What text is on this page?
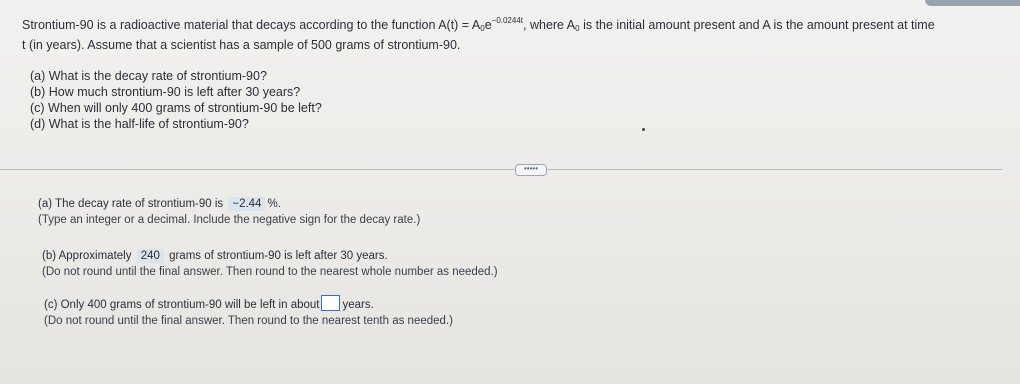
Strontium-90 is a radioactive material that decays according to the function $A(t) = A_0e^{-0.0244t}$, where $A_0$ is the initial amount present and A is the amount present at time
t (in years). Assume that a scientist has a sample of 500 grams of strontium-90.
(a) What is the decay rate of strontium-90?
(b) How much strontium-90 is left after 30 years?
(c) When will only 400 grams of strontium-90 be left?
(d) What is the half-life of strontium-90?
•••••
(a) The decay rate of strontium-90 is −2.44 %.
(Type an integer or a decimal. Include the negative sign for the decay rate.)
(b) Approximately 240 grams of strontium-90 is left after 30 years.
(Do not round until the final answer. Then round to the nearest whole number as needed.)
(c) Only 400 grams of strontium-90 will be left in about years.
(Do not round until the final answer. Then round to the nearest tenth as needed.)
